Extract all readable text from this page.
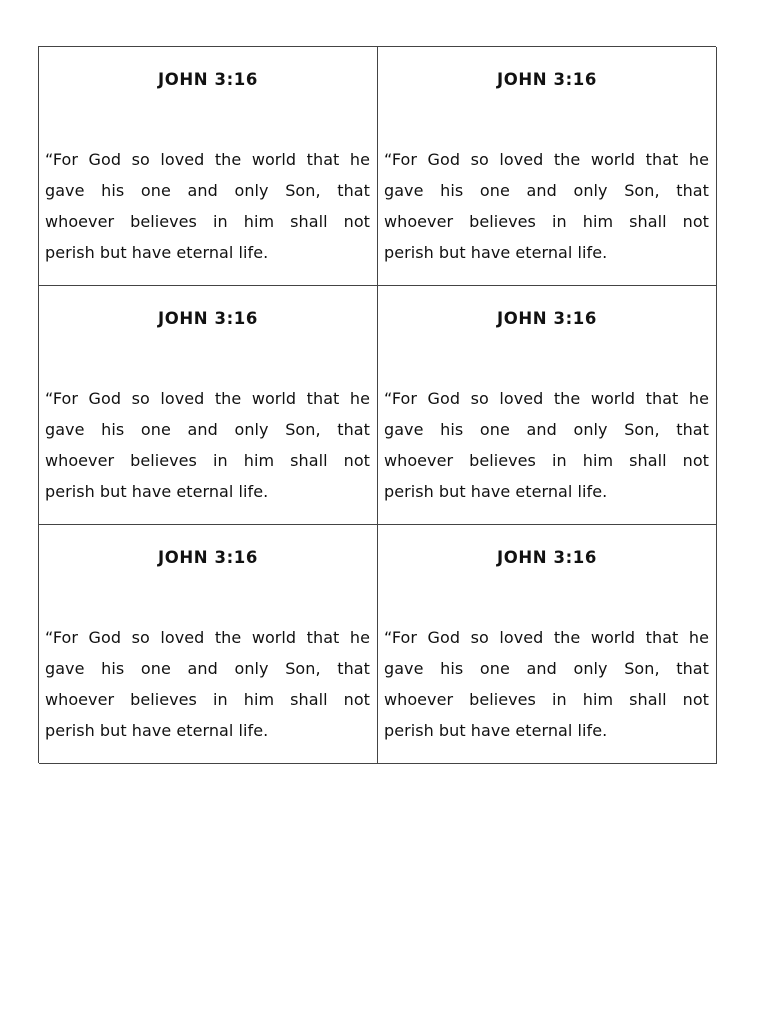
JOHN 3:16

“For God so loved the world that he gave his one and only Son, that whoever believes in him shall not perish but have eternal life.

JOHN 3:16

“For God so loved the world that he gave his one and only Son, that whoever believes in him shall not perish but have eternal life.

JOHN 3:16

“For God so loved the world that he gave his one and only Son, that whoever believes in him shall not perish but have eternal life.

JOHN 3:16

“For God so loved the world that he gave his one and only Son, that whoever believes in him shall not perish but have eternal life.

JOHN 3:16

“For God so loved the world that he gave his one and only Son, that whoever believes in him shall not perish but have eternal life.

JOHN 3:16

“For God so loved the world that he gave his one and only Son, that whoever believes in him shall not perish but have eternal life.
